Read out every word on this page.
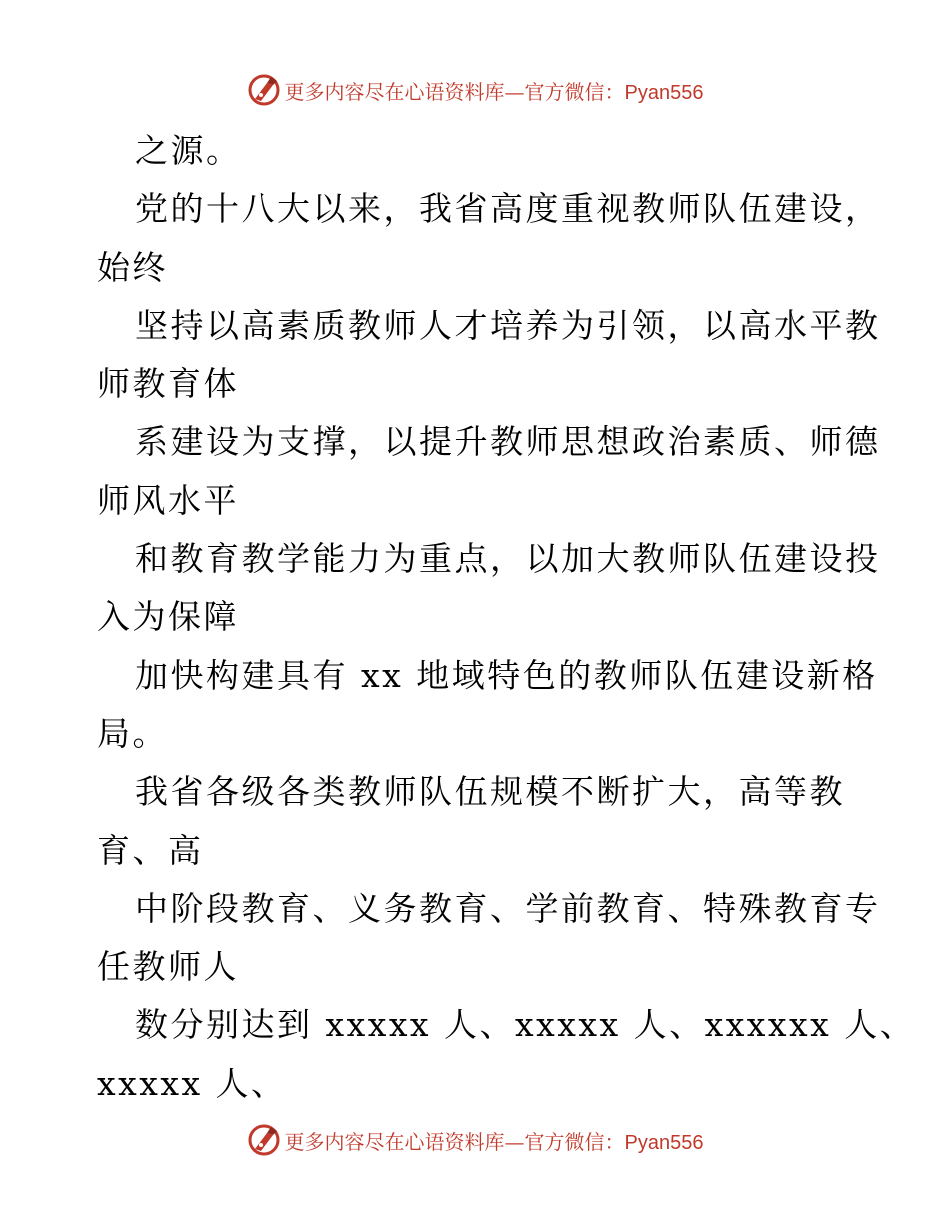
更多内容尽在心语资料库—官方微信：Pyan556
之源。
党的十八大以来，我省高度重视教师队伍建设，
始终
坚持以高素质教师人才培养为引领，以高水平教
师教育体
系建设为支撑，以提升教师思想政治素质、师德
师风水平
和教育教学能力为重点，以加大教师队伍建设投
入为保障
加快构建具有 xx 地域特色的教师队伍建设新格
局。
我省各级各类教师队伍规模不断扩大，高等教
育、高
中阶段教育、义务教育、学前教育、特殊教育专
任教师人
数分别达到 xxxxx 人、xxxxx 人、xxxxxx 人、
xxxxx 人、
更多内容尽在心语资料库—官方微信：Pyan556
